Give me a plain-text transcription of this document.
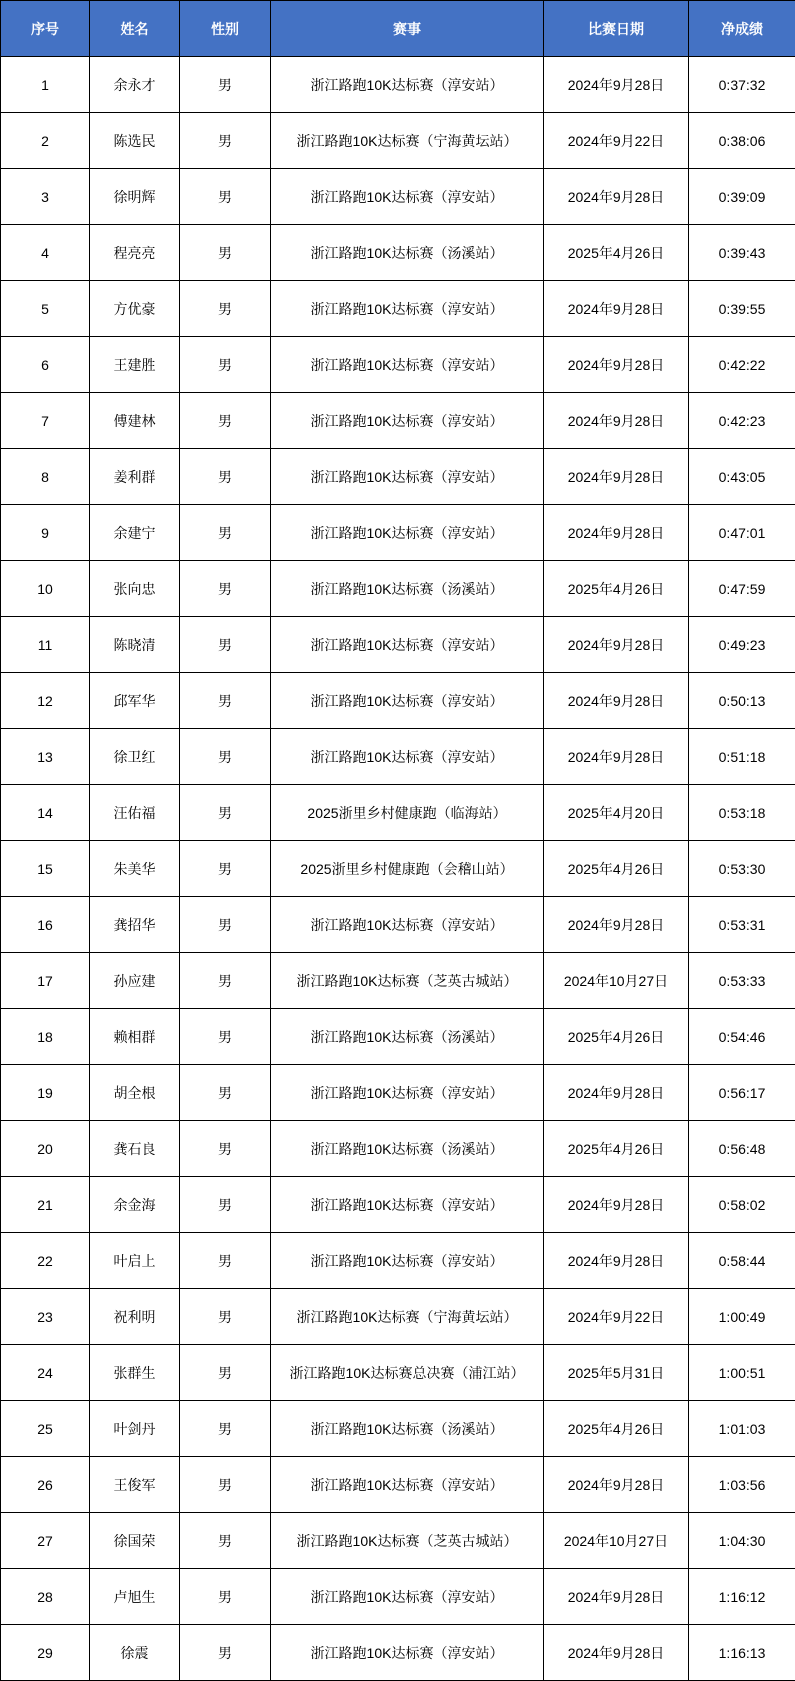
序号	姓名	性别	赛事	比赛日期	净成绩
1	余永才	男	浙江路跑10K达标赛（淳安站）	2024年9月28日	0:37:32
2	陈选民	男	浙江路跑10K达标赛（宁海黄坛站）	2024年9月22日	0:38:06
3	徐明辉	男	浙江路跑10K达标赛（淳安站）	2024年9月28日	0:39:09
4	程亮亮	男	浙江路跑10K达标赛（汤溪站）	2025年4月26日	0:39:43
5	方优豪	男	浙江路跑10K达标赛（淳安站）	2024年9月28日	0:39:55
6	王建胜	男	浙江路跑10K达标赛（淳安站）	2024年9月28日	0:42:22
7	傅建林	男	浙江路跑10K达标赛（淳安站）	2024年9月28日	0:42:23
8	姜利群	男	浙江路跑10K达标赛（淳安站）	2024年9月28日	0:43:05
9	余建宁	男	浙江路跑10K达标赛（淳安站）	2024年9月28日	0:47:01
10	张向忠	男	浙江路跑10K达标赛（汤溪站）	2025年4月26日	0:47:59
11	陈晓清	男	浙江路跑10K达标赛（淳安站）	2024年9月28日	0:49:23
12	邱军华	男	浙江路跑10K达标赛（淳安站）	2024年9月28日	0:50:13
13	徐卫红	男	浙江路跑10K达标赛（淳安站）	2024年9月28日	0:51:18
14	汪佑福	男	2025浙里乡村健康跑（临海站）	2025年4月20日	0:53:18
15	朱美华	男	2025浙里乡村健康跑（会稽山站）	2025年4月26日	0:53:30
16	龚招华	男	浙江路跑10K达标赛（淳安站）	2024年9月28日	0:53:31
17	孙应建	男	浙江路跑10K达标赛（芝英古城站）	2024年10月27日	0:53:33
18	赖相群	男	浙江路跑10K达标赛（汤溪站）	2025年4月26日	0:54:46
19	胡全根	男	浙江路跑10K达标赛（淳安站）	2024年9月28日	0:56:17
20	龚石良	男	浙江路跑10K达标赛（汤溪站）	2025年4月26日	0:56:48
21	余金海	男	浙江路跑10K达标赛（淳安站）	2024年9月28日	0:58:02
22	叶启上	男	浙江路跑10K达标赛（淳安站）	2024年9月28日	0:58:44
23	祝利明	男	浙江路跑10K达标赛（宁海黄坛站）	2024年9月22日	1:00:49
24	张群生	男	浙江路跑10K达标赛总决赛（浦江站）	2025年5月31日	1:00:51
25	叶剑丹	男	浙江路跑10K达标赛（汤溪站）	2025年4月26日	1:01:03
26	王俊军	男	浙江路跑10K达标赛（淳安站）	2024年9月28日	1:03:56
27	徐国荣	男	浙江路跑10K达标赛（芝英古城站）	2024年10月27日	1:04:30
28	卢旭生	男	浙江路跑10K达标赛（淳安站）	2024年9月28日	1:16:12
29	徐震	男	浙江路跑10K达标赛（淳安站）	2024年9月28日	1:16:13
